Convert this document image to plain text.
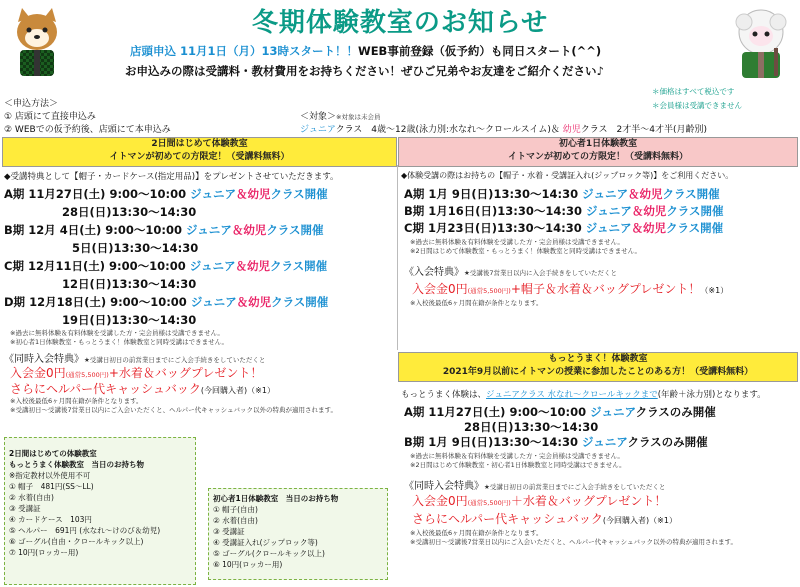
冬期体験教室のお知らせ
店頭申込 11月1日（月）13時スタート！！WEB事前登録（仮予約）も同日スタート(^^)
お申込みの際は受講料・教材費用をお持ちください！ぜひご兄弟やお友達をご紹介ください♪
＊価格はすべて税込です
＊会員様は受講できません
＜申込方法＞
① 店頭にて直接申込み
② WEBでの仮予約後、店頭にて本申込み
＜対象＞※対象は未会員
ジュニアクラス　4歳〜12歳(泳力別:水なれ〜クロールスイム)＆ 幼児クラス　2才半〜4才半(月齢別)
2日間はじめて体験教室
イトマンが初めての方限定！（受講料無料）
初心者1日体験教室
イトマンが初めての方限定！（受講料無料）
◆受講特典として【帽子・カードケース(指定用品)】をプレゼントさせていただきます。
A期 11月27日(土) 9:00〜10:00 ジュニア＆幼児クラス開催
28日(日)13:30〜14:30
B期 12月 4日(土) 9:00〜10:00 ジュニア＆幼児クラス開催
5日(日)13:30〜14:30
C期 12月11日(土) 9:00〜10:00 ジュニア＆幼児クラス開催
12日(日)13:30〜14:30
D期 12月18日(土) 9:00〜10:00 ジュニア＆幼児クラス開催
19日(日)13:30〜14:30
※過去に無料体験＆有料体験を受講した方・完会員様は受講できません。
※初心者1日体験教室・もっとうまく！体験教室と同時受講はできません。
《同時入会特典》★受講日初日の前営業日までにご入会手続きをしていただくと
入会金0円(通常5,500円)+水着＆バッグプレゼント！
さらにヘルパー代キャッシュバック(今回購入者)（※1）
※入校後最低6ヶ月間在籍が条件となります。
※受講初日〜受講後7営業日以内にご入会いただくと、ヘルパー代キャッシュバック以外の特典が適用されます。
◆体験受講の際はお持ちの【帽子・水着・受講証入れ(ジップロック等)】をご利用ください。
A期 1月 9日(日)13:30〜14:30 ジュニア＆幼児クラス開催
B期 1月16日(日)13:30〜14:30 ジュニア＆幼児クラス開催
C期 1月23日(日)13:30〜14:30 ジュニア＆幼児クラス開催
※過去に無料体験＆有料体験を受講した方・完会員様は受講できません。
※2日間はじめて体験教室・もっとうまく！体験教室と同時受講はできません。
《入会特典》★受講後7営業日以内に入会手続きをしていただくと
入会金0円(通常5,500円)+帽子＆水着＆バッグプレゼント！（※1）
※入校後最低6ヶ月間在籍が条件となります。
もっとうまく！体験教室
2021年9月以前にイトマンの授業に参加したことのある方！（受講料無料）
もっとうまく体験は、ジュニアクラス 水なれ〜クロールキックまで(年齢＋泳力別)となります。
A期 11月27日(土) 9:00〜10:00 ジュニアクラスのみ開催
28日(日)13:30〜14:30
B期 1月 9日(日)13:30〜14:30 ジュニアクラスのみ開催
※過去に無料体験＆有料体験を受講した方・完会員様は受講できません。
※2日間はじめて体験教室・初心者1日体験教室と同時受講はできません。
《同時入会特典》★受講日初日の前営業日までにご入会手続きをしていただくと
入会金0円(通常5,500円)＋水着＆バッグプレゼント！
さらにヘルパー代キャッシュバック(今回購入者)（※1）
※入校後最低6ヶ月間在籍が条件となります。
※受講初日〜受講後7営業日以内にご入会いただくと、ヘルパー代キャッシュバック以外の特典が適用されます。
2日間はじめての体験教室
もっとうまく体験教室　当日のお持ち物
※指定教材以外使用不可
① 帽子　481円(SS〜LL)
② 水着(自由)
③ 受講証
④ カードケース　103円
⑤ ヘルパー　691円 (水なれ〜けのび＆幼児)
⑥ ゴーグル(自由・クロールキック以上)
⑦ 10円(ロッカー用)
初心者1日体験教室　当日のお持ち物
① 帽子(自由)
② 水着(自由)
③ 受講証
④ 受講証入れ(ジップロック等)
⑤ ゴーグル(クロールキック以上)
⑥ 10円(ロッカー用)
